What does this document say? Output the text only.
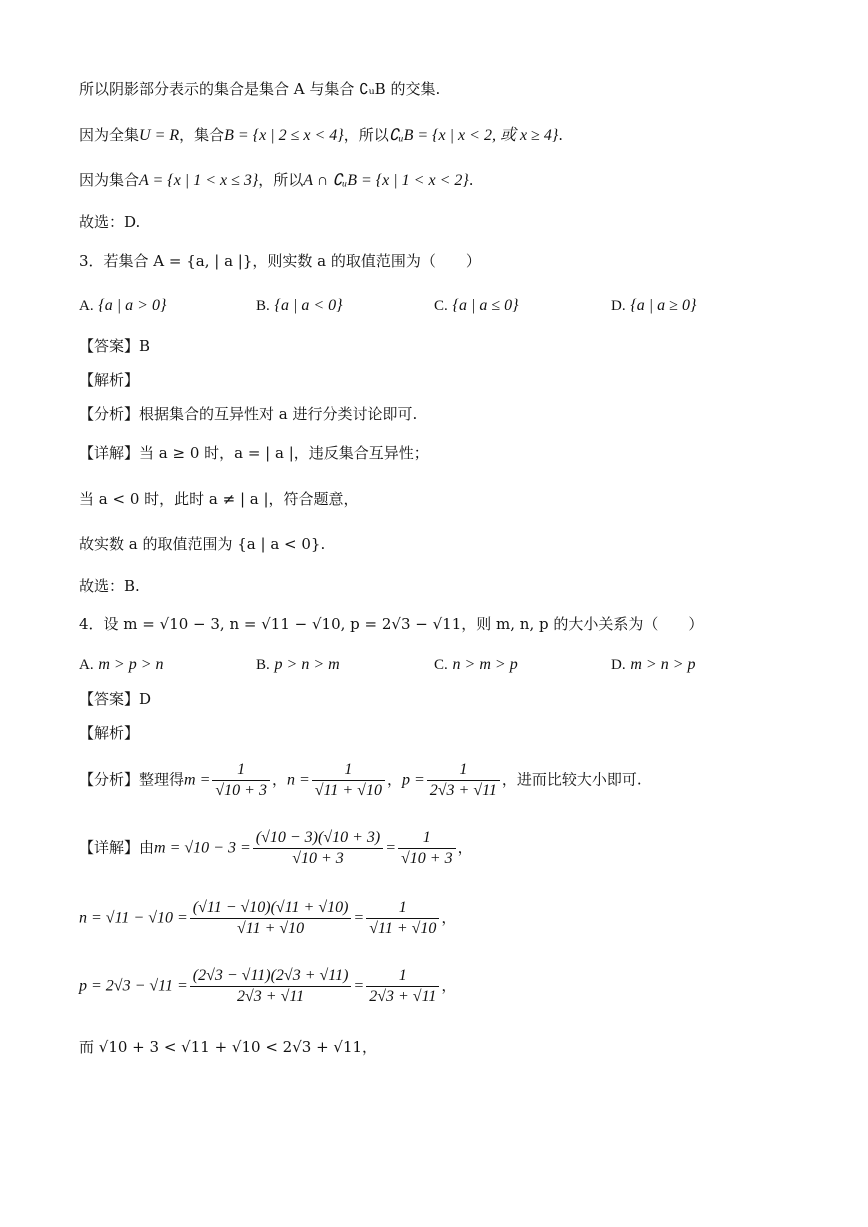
所以阴影部分表示的集合是集合 A 与集合 ∁ᵤB 的交集.
因为全集U = R，集合B = {x | 2 ≤ x < 4}，所以∁ᵤB = {x | x < 2, 或 x ≥ 4}.
因为集合A = {x | 1 < x ≤ 3}，所以A ∩ ∁ᵤB = {x | 1 < x < 2}.
故选：D.
3．若集合 A = {a, | a |}，则实数 a 的取值范围为（　　）
A. {a | a > 0}	B. {a | a < 0}	C. {a | a ≤ 0}	D. {a | a ≥ 0}
【答案】B
【解析】
【分析】根据集合的互异性对 a 进行分类讨论即可.
【详解】当 a ≥ 0 时，a = | a |，违反集合互异性；
当 a < 0 时，此时 a ≠ | a |，符合题意，
故实数 a 的取值范围为 {a | a < 0}.
故选：B.
4．设 m = √10 − 3, n = √11 − √10, p = 2√3 − √11，则 m, n, p 的大小关系为（　　）
A. m > p > n	B. p > n > m	C. n > m > p	D. m > n > p
【答案】D
【解析】
【分析】整理得$m = \frac{1}{√10 + 3}$ ，$n = \frac{1}{√11 + √10}$ ，$p = \frac{1}{2√3 + √11}$ ，进而比较大小即可.
【详解】由$m = √10 - 3 = \frac{(√10 - 3)(√10 + 3)}{√10 + 3} = \frac{1}{√10 + 3}$ ，
$n = √11 - √10 = \frac{(√11 - √10)(√11 + √10)}{√11 + √10} = \frac{1}{√11 + √10}$ ，
$p = 2√3 - √11 = \frac{(2√3 - √11)(2√3 + √11)}{2√3 + √11} = \frac{1}{2√3 + √11}$ ，
而 √10 + 3 < √11 + √10 < 2√3 + √11，
